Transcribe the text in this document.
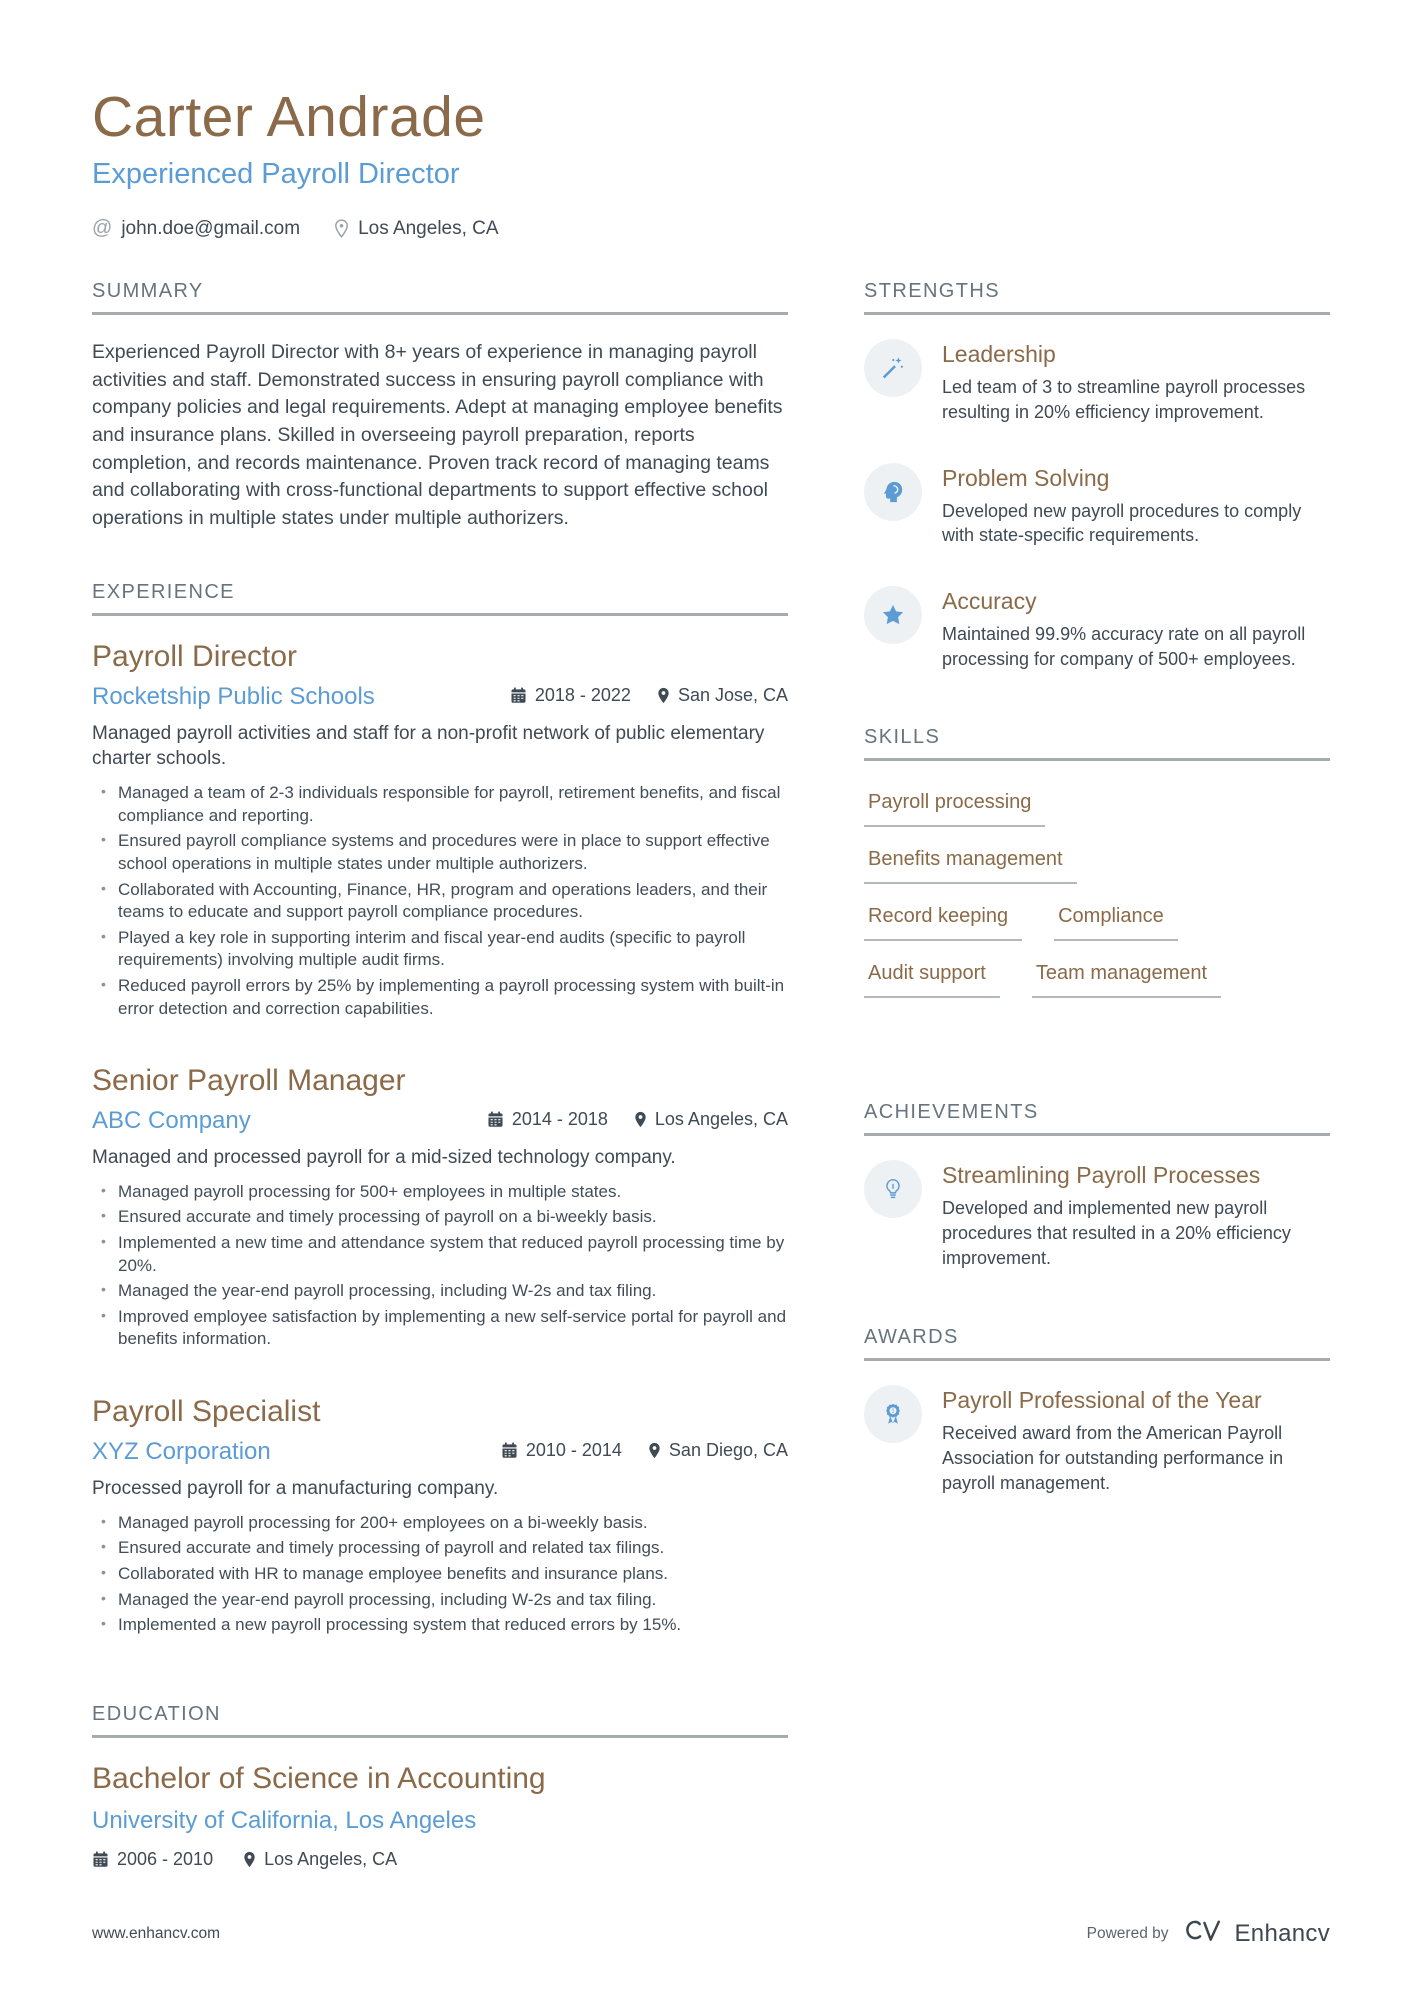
Carter Andrade
Experienced Payroll Director
@ john.doe@gmail.com	Los Angeles, CA
SUMMARY

Experienced Payroll Director with 8+ years of experience in managing payroll activities and staff. Demonstrated success in ensuring payroll compliance with company policies and legal requirements. Adept at managing employee benefits and insurance plans. Skilled in overseeing payroll preparation, reports completion, and records maintenance. Proven track record of managing teams and collaborating with cross-functional departments to support effective school operations in multiple states under multiple authorizers.

EXPERIENCE
Payroll Director
Rocketship Public Schools	2018 - 2022	San Jose, CA

Managed payroll activities and staff for a non-profit network of public elementary charter schools.

• Managed a team of 2-3 individuals responsible for payroll, retirement benefits, and fiscal compliance and reporting.
• Ensured payroll compliance systems and procedures were in place to support effective school operations in multiple states under multiple authorizers.
• Collaborated with Accounting, Finance, HR, program and operations leaders, and their teams to educate and support payroll compliance procedures.
• Played a key role in supporting interim and fiscal year-end audits (specific to payroll requirements) involving multiple audit firms.
• Reduced payroll errors by 25% by implementing a payroll processing system with built-in error detection and correction capabilities.
Senior Payroll Manager
ABC Company	2014 - 2018	Los Angeles, CA

Managed and processed payroll for a mid-sized technology company.

• Managed payroll processing for 500+ employees in multiple states.
• Ensured accurate and timely processing of payroll on a bi-weekly basis.
• Implemented a new time and attendance system that reduced payroll processing time by 20%.
• Managed the year-end payroll processing, including W-2s and tax filing.
• Improved employee satisfaction by implementing a new self-service portal for payroll and benefits information.
Payroll Specialist
XYZ Corporation	2010 - 2014	San Diego, CA

Processed payroll for a manufacturing company.

• Managed payroll processing for 200+ employees on a bi-weekly basis.
• Ensured accurate and timely processing of payroll and related tax filings.
• Collaborated with HR to manage employee benefits and insurance plans.
• Managed the year-end payroll processing, including W-2s and tax filing.
• Implemented a new payroll processing system that reduced errors by 15%.
EDUCATION
Bachelor of Science in Accounting
University of California, Los Angeles
2006 - 2010	Los Angeles, CA
STRENGTHS
Leadership

Led team of 3 to streamline payroll processes resulting in 20% efficiency improvement.

Problem Solving

Developed new payroll procedures to comply with state-specific requirements.

Accuracy

Maintained 99.9% accuracy rate on all payroll processing for company of 500+ employees.

SKILLS
Payroll processing
Benefits management
Record keeping	Compliance
Audit support	Team management
ACHIEVEMENTS
Streamlining Payroll Processes

Developed and implemented new payroll procedures that resulted in a 20% efficiency improvement.

AWARDS
1 Payroll Professional of the Year

Received award from the American Payroll Association for outstanding performance in payroll management.

www.enhancv.com	Powered by	Enhancv
